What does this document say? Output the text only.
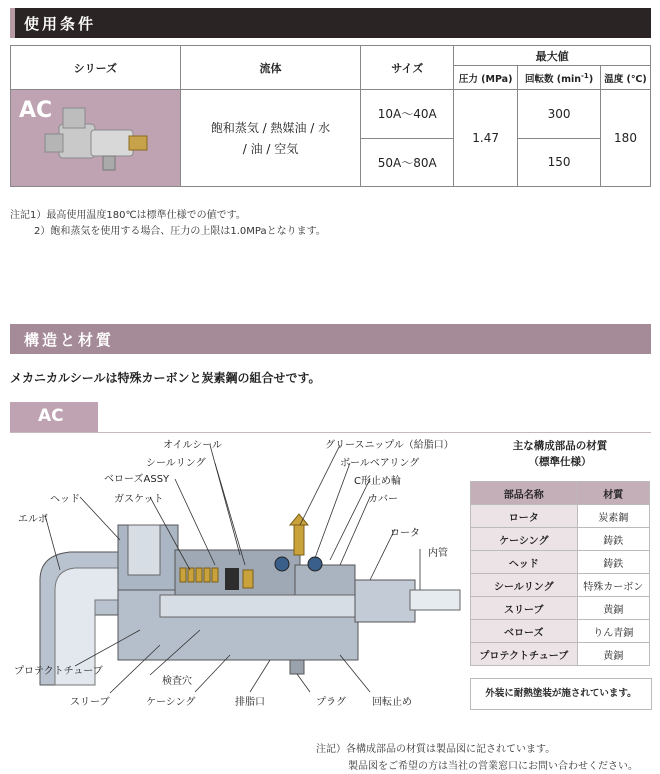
使用条件
シリーズ	流体	サイズ	最大値		
			圧力 (MPa)	回転数 $(\min^{-1})$	温度 (℃)

AC	飽和蒸気 / 熱媒油 / 水
/ 油 / 空気	10A～40A	1.47	300	180
		50A～80A		150	
注記1）最高使用温度180℃は標準仕様での値です。
2）飽和蒸気を使用する場合、圧力の上限は1.0MPaとなります。
構造と材質
メカニカルシールは特殊カーボンと炭素鋼の組合せです。
AC
オイルシール
シールリング
ベローズASSY
ガスケット
ヘッド
エルボ
グリースニップル（給脂口）
ボールベアリング
C形止め輪
カバー
ロータ
内管
プロテクトチューブ
検査穴
スリーブ	ケーシング	排脂口	プラグ	回転止め
主な構成部品の材質
（標準仕様）
部品名称	材質
ロータ	炭素鋼
ケーシング	鋳鉄
ヘッド	鋳鉄
シールリング	特殊カーボン
スリーブ	黄銅
ベローズ	りん青銅
プロテクトチューブ	黄銅
外装に耐熱塗装が施されています。
注記）各構成部品の材質は製品図に記されています。
製品図をご希望の方は当社の営業窓口にお問い合わせください。
